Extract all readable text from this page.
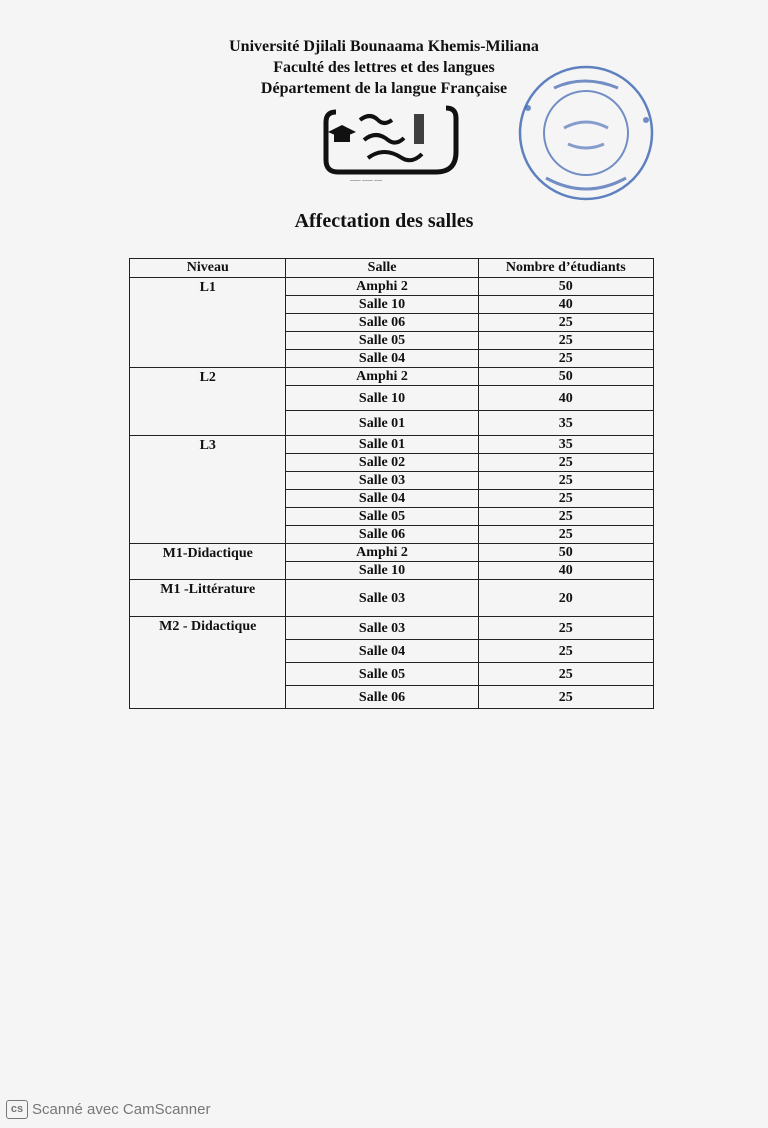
Université Djilali Bounaama Khemis-Miliana
Faculté des lettres et des langues
Département de la langue Française
~~~~ ~~~~ ~~~
Affectation des salles
Niveau	Salle	Nombre d’étudiants
L1	Amphi 2	50
	Salle 10	40
	Salle 06	25
	Salle 05	25
	Salle 04	25
L2	Amphi 2	50
	Salle 10	40
	Salle 01	35
L3	Salle 01	35
	Salle 02	25
	Salle 03	25
	Salle 04	25
	Salle 05	25
	Salle 06	25
M1-Didactique	Amphi 2	50
	Salle 10	40
M1 -Littérature	Salle 03	20
M2 - Didactique	Salle 03	25
	Salle 04	25
	Salle 05	25
	Salle 06	25
cs Scanné avec CamScanner
